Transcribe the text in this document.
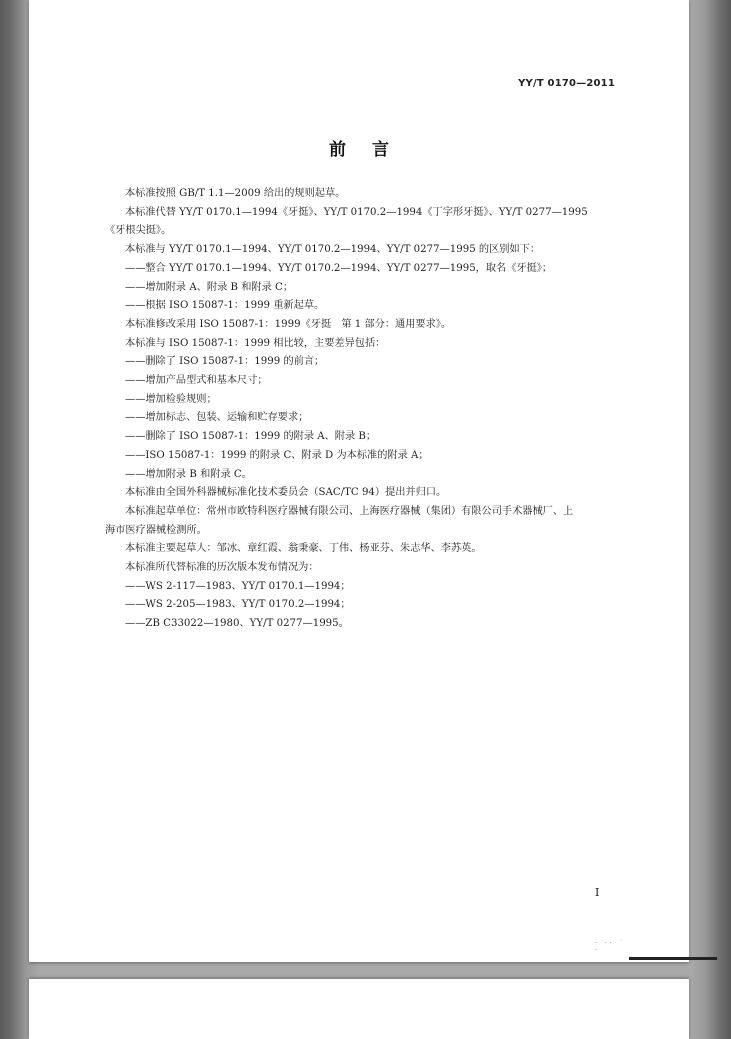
YY/T 0170—2011
前言
本标准按照 GB/T 1.1—2009 给出的规则起草。
本标准代替 YY/T 0170.1—1994《牙挺》、YY/T 0170.2—1994《丁字形牙挺》、YY/T 0277—1995
《牙根尖挺》。
本标准与 YY/T 0170.1—1994、YY/T 0170.2—1994、YY/T 0277—1995 的区别如下：
——整合 YY/T 0170.1—1994、YY/T 0170.2—1994、YY/T 0277—1995，取名《牙挺》；
——增加附录 A、附录 B 和附录 C；
——根据 ISO 15087-1：1999 重新起草。
本标准修改采用 ISO 15087-1：1999《牙挺　第 1 部分：通用要求》。
本标准与 ISO 15087-1：1999 相比较，主要差异包括：
——删除了 ISO 15087-1：1999 的前言；
——增加产品型式和基本尺寸；
——增加检验规则；
——增加标志、包装、运输和贮存要求；
——删除了 ISO 15087-1：1999 的附录 A、附录 B；
——ISO 15087-1：1999 的附录 C、附录 D 为本标准的附录 A；
——增加附录 B 和附录 C。
本标准由全国外科器械标准化技术委员会（SAC/TC 94）提出并归口。
本标准起草单位：常州市欧特科医疗器械有限公司、上海医疗器械（集团）有限公司手术器械厂、上
海市医疗器械检测所。
本标准主要起草人：邹冰、章红霞、翁秉豪、丁伟、杨亚芬、朱志华、李苏英。
本标准所代替标准的历次版本发布情况为：
——WS 2-117—1983、YY/T 0170.1—1994；
——WS 2-205—1983、YY/T 0170.2—1994；
——ZB C33022—1980、YY/T 0277—1995。
I
· ·· ˙ ·
